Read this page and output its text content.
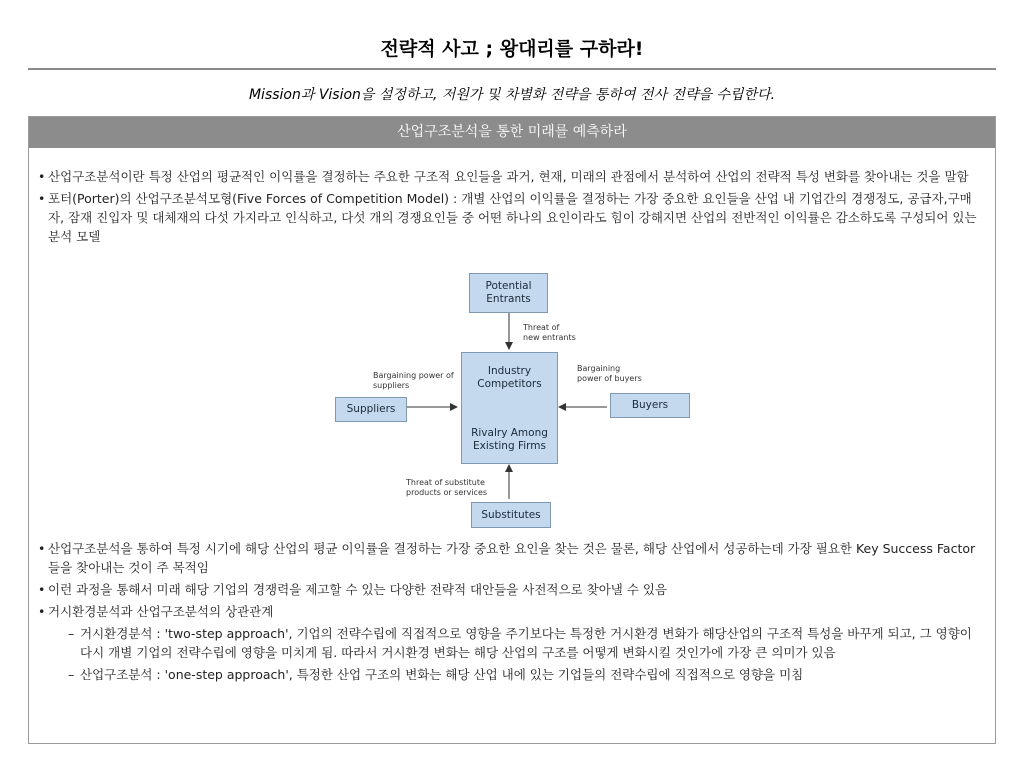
전략적 사고 ; 왕대리를 구하라!
Mission과 Vision을 설정하고, 저원가 및 차별화 전략을 통하여 전사 전략을 수립한다.
산업구조분석을 통한 미래를 예측하라
• 산업구조분석이란 특정 산업의 평균적인 이익률을 결정하는 주요한 구조적 요인들을 과거, 현재, 미래의 관점에서 분석하여 산업의 전략적 특성 변화를 찾아내는 것을 말함
• 포터(Porter)의 산업구조분석모형(Five Forces of Competition Model) : 개별 산업의 이익률을 결정하는 가장 중요한 요인들을 산업 내 기업간의 경쟁정도, 공급자,구매자, 잠재 진입자 및 대체재의 다섯 가지라고 인식하고, 다섯 개의 경쟁요인들 중 어떤 하나의 요인이라도 힘이 강해지면 산업의 전반적인 이익률은 감소하도록 구성되어 있는 분석 모델
Potential
Entrants
Industry
Competitors
Rivalry Among
Existing Firms
Suppliers	Buyers
Substitutes
Threat of
new entrants
Bargaining power of
suppliers
Bargaining
power of buyers
Threat of substitute
products or services
• 산업구조분석을 통하여 특정 시기에 해당 산업의 평균 이익률을 결정하는 가장 중요한 요인을 찾는 것은 물론, 해당 산업에서 성공하는데 가장 필요한 Key Success Factor들을 찾아내는 것이 주 목적임
• 이런 과정을 통해서 미래 해당 기업의 경쟁력을 제고할 수 있는 다양한 전략적 대안들을 사전적으로 찾아낼 수 있음
• 거시환경분석과 산업구조분석의 상관관계
– 거시환경분석 : 'two-step approach', 기업의 전략수립에 직접적으로 영향을 주기보다는 특정한 거시환경 변화가 해당산업의 구조적 특성을 바꾸게 되고, 그 영향이 다시 개별 기업의 전략수립에 영향을 미치게 됨. 따라서 거시환경 변화는 해당 산업의 구조를 어떻게 변화시킬 것인가에 가장 큰 의미가 있음
– 산업구조분석 : 'one-step approach', 특정한 산업 구조의 변화는 해당 산업 내에 있는 기업들의 전략수립에 직접적으로 영향을 미침
